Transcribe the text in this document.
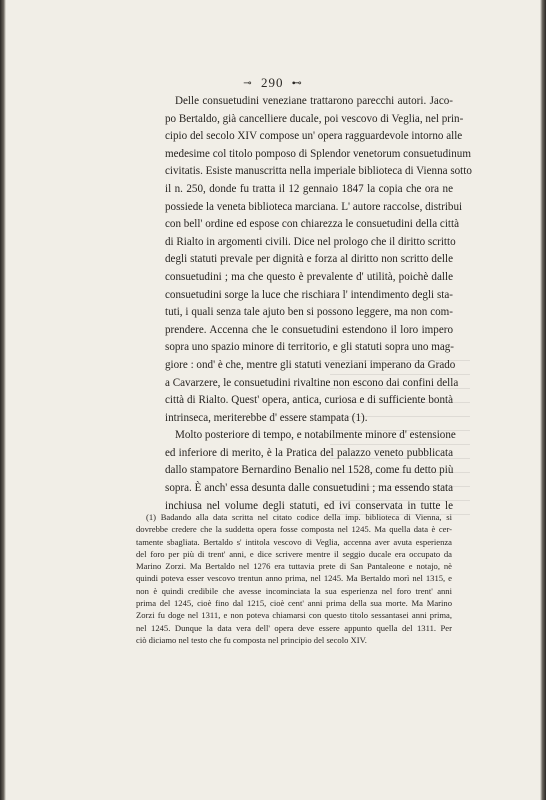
⊸ 290 ⊷
Delle consuetudini veneziane trattarono parecchi autori. Jaco-
po Bertaldo, già cancelliere ducale, poi vescovo di Veglia, nel prin-
cipio del secolo XIV compose un' opera ragguardevole intorno alle
medesime col titolo pomposo di Splendor venetorum consuetudinum
civitatis. Esiste manuscritta nella imperiale biblioteca di Vienna sotto
il n. 250, donde fu tratta il 12 gennaio 1847 la copia che ora ne
possiede la veneta biblioteca marciana. L' autore raccolse, distribui
con bell' ordine ed espose con chiarezza le consuetudini della città
di Rialto in argomenti civili. Dice nel prologo che il diritto scritto
degli statuti prevale per dignità e forza al diritto non scritto delle
consuetudini ; ma che questo è prevalente d' utilità, poichè dalle
consuetudini sorge la luce che rischiara l' intendimento degli sta-
tuti, i quali senza tale ajuto ben si possono leggere, ma non com-
prendere. Accenna che le consuetudini estendono il loro impero
sopra uno spazio minore di territorio, e gli statuti sopra uno mag-
giore : ond' è che, mentre gli statuti veneziani imperano da Grado
a Cavarzere, le consuetudini rivaltine non escono dai confini della
città di Rialto. Quest' opera, antica, curiosa e di sufficiente bontà
intrinseca, meriterebbe d' essere stampata (1).
Molto posteriore di tempo, e notabilmente minore d' estensione
ed inferiore di merito, è la Pratica del palazzo veneto pubblicata
dallo stampatore Bernardino Benalio nel 1528, come fu detto più
sopra. È anch' essa desunta dalle consuetudini ; ma essendo stata
inchiusa nel volume degli statuti, ed ivi conservata in tutte le
(1) Badando alla data scritta nel citato codice della imp. biblioteca di Vienna, si
dovrebbe credere che la suddetta opera fosse composta nel 1245. Ma quella data è cer-
tamente sbagliata. Bertaldo s' intitola vescovo di Veglia, accenna aver avuta esperienza
del foro per più di trent' anni, e dice scrivere mentre il seggio ducale era occupato da
Marino Zorzi. Ma Bertaldo nel 1276 era tuttavia prete di San Pantaleone e notajo, nè
quindi poteva esser vescovo trentun anno prima, nel 1245. Ma Bertaldo morì nel 1315, e
non è quindi credibile che avesse incominciata la sua esperienza nel foro trent' anni
prima del 1245, cioè fino dal 1215, cioè cent' anni prima della sua morte. Ma Marino
Zorzi fu doge nel 1311, e non poteva chiamarsi con questo titolo sessantasei anni prima,
nel 1245. Dunque la data vera dell' opera deve essere appunto quella del 1311. Per
ciò diciamo nel testo che fu composta nel principio del secolo XIV.
